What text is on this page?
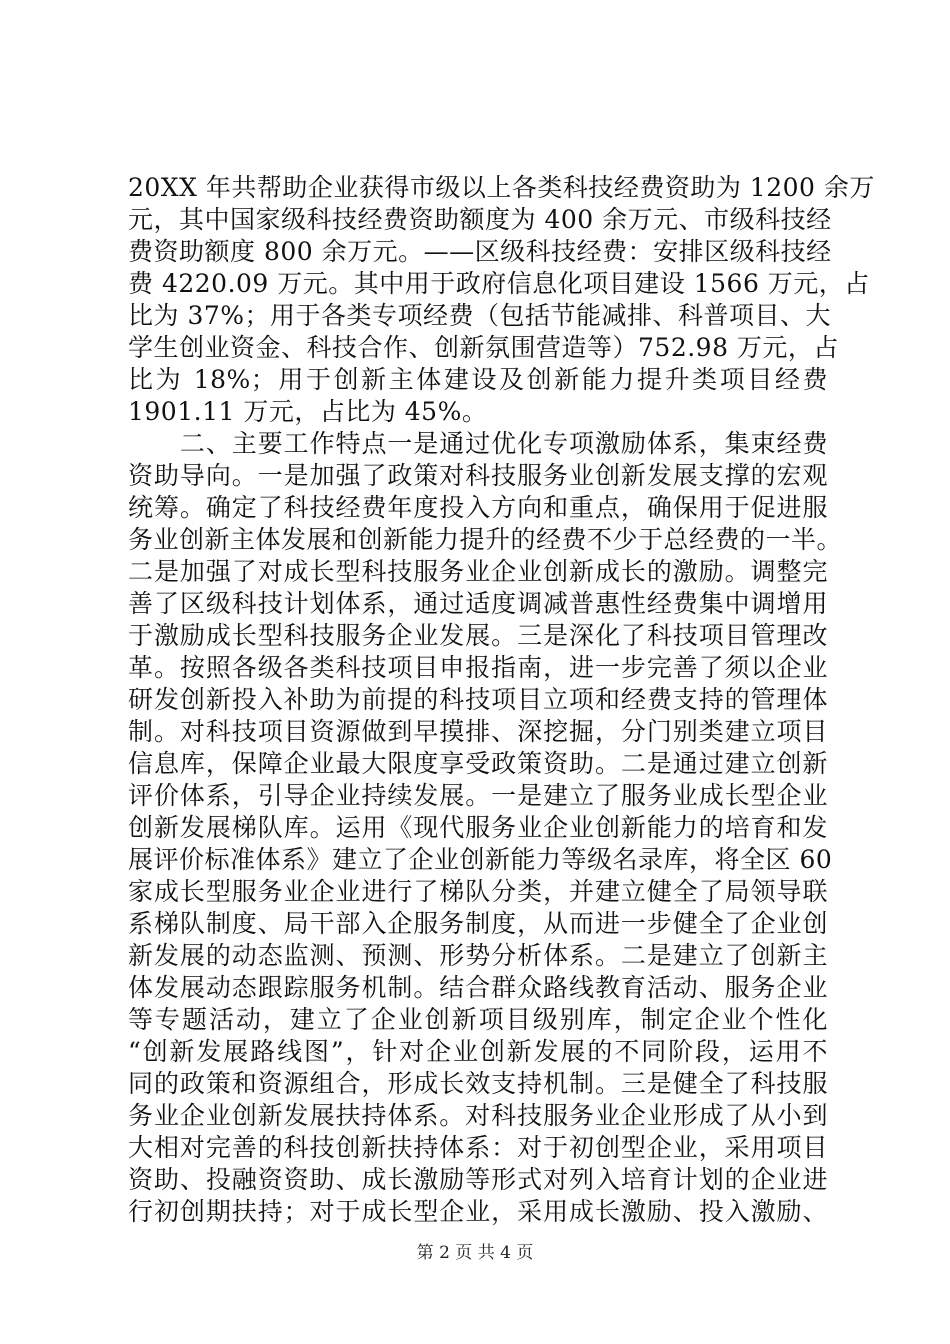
20XX 年共帮助企业获得市级以上各类科技经费资助为 1200 余万
元，其中国家级科技经费资助额度为 400 余万元、市级科技经
费资助额度 800 余万元。——区级科技经费：安排区级科技经
费 4220.09 万元。其中用于政府信息化项目建设 1566 万元，占
比为 37%；用于各类专项经费（包括节能减排、科普项目、大
学生创业资金、科技合作、创新氛围营造等）752.98 万元，占
比为 18%；用于创新主体建设及创新能力提升类项目经费
1901.11 万元，占比为 45%。
　　二、主要工作特点一是通过优化专项激励体系，集束经费
资助导向。一是加强了政策对科技服务业创新发展支撑的宏观
统筹。确定了科技经费年度投入方向和重点，确保用于促进服
务业创新主体发展和创新能力提升的经费不少于总经费的一半。
二是加强了对成长型科技服务业企业创新成长的激励。调整完
善了区级科技计划体系，通过适度调减普惠性经费集中调增用
于激励成长型科技服务企业发展。三是深化了科技项目管理改
革。按照各级各类科技项目申报指南，进一步完善了须以企业
研发创新投入补助为前提的科技项目立项和经费支持的管理体
制。对科技项目资源做到早摸排、深挖掘，分门别类建立项目
信息库，保障企业最大限度享受政策资助。二是通过建立创新
评价体系，引导企业持续发展。一是建立了服务业成长型企业
创新发展梯队库。运用《现代服务业企业创新能力的培育和发
展评价标准体系》建立了企业创新能力等级名录库，将全区 60
家成长型服务业企业进行了梯队分类，并建立健全了局领导联
系梯队制度、局干部入企服务制度，从而进一步健全了企业创
新发展的动态监测、预测、形势分析体系。二是建立了创新主
体发展动态跟踪服务机制。结合群众路线教育活动、服务企业
等专题活动，建立了企业创新项目级别库，制定企业个性化
“创新发展路线图”，针对企业创新发展的不同阶段，运用不
同的政策和资源组合，形成长效支持机制。三是健全了科技服
务业企业创新发展扶持体系。对科技服务业企业形成了从小到
大相对完善的科技创新扶持体系：对于初创型企业，采用项目
资助、投融资资助、成长激励等形式对列入培育计划的企业进
行初创期扶持；对于成长型企业，采用成长激励、投入激励、
第 2 页 共 4 页
